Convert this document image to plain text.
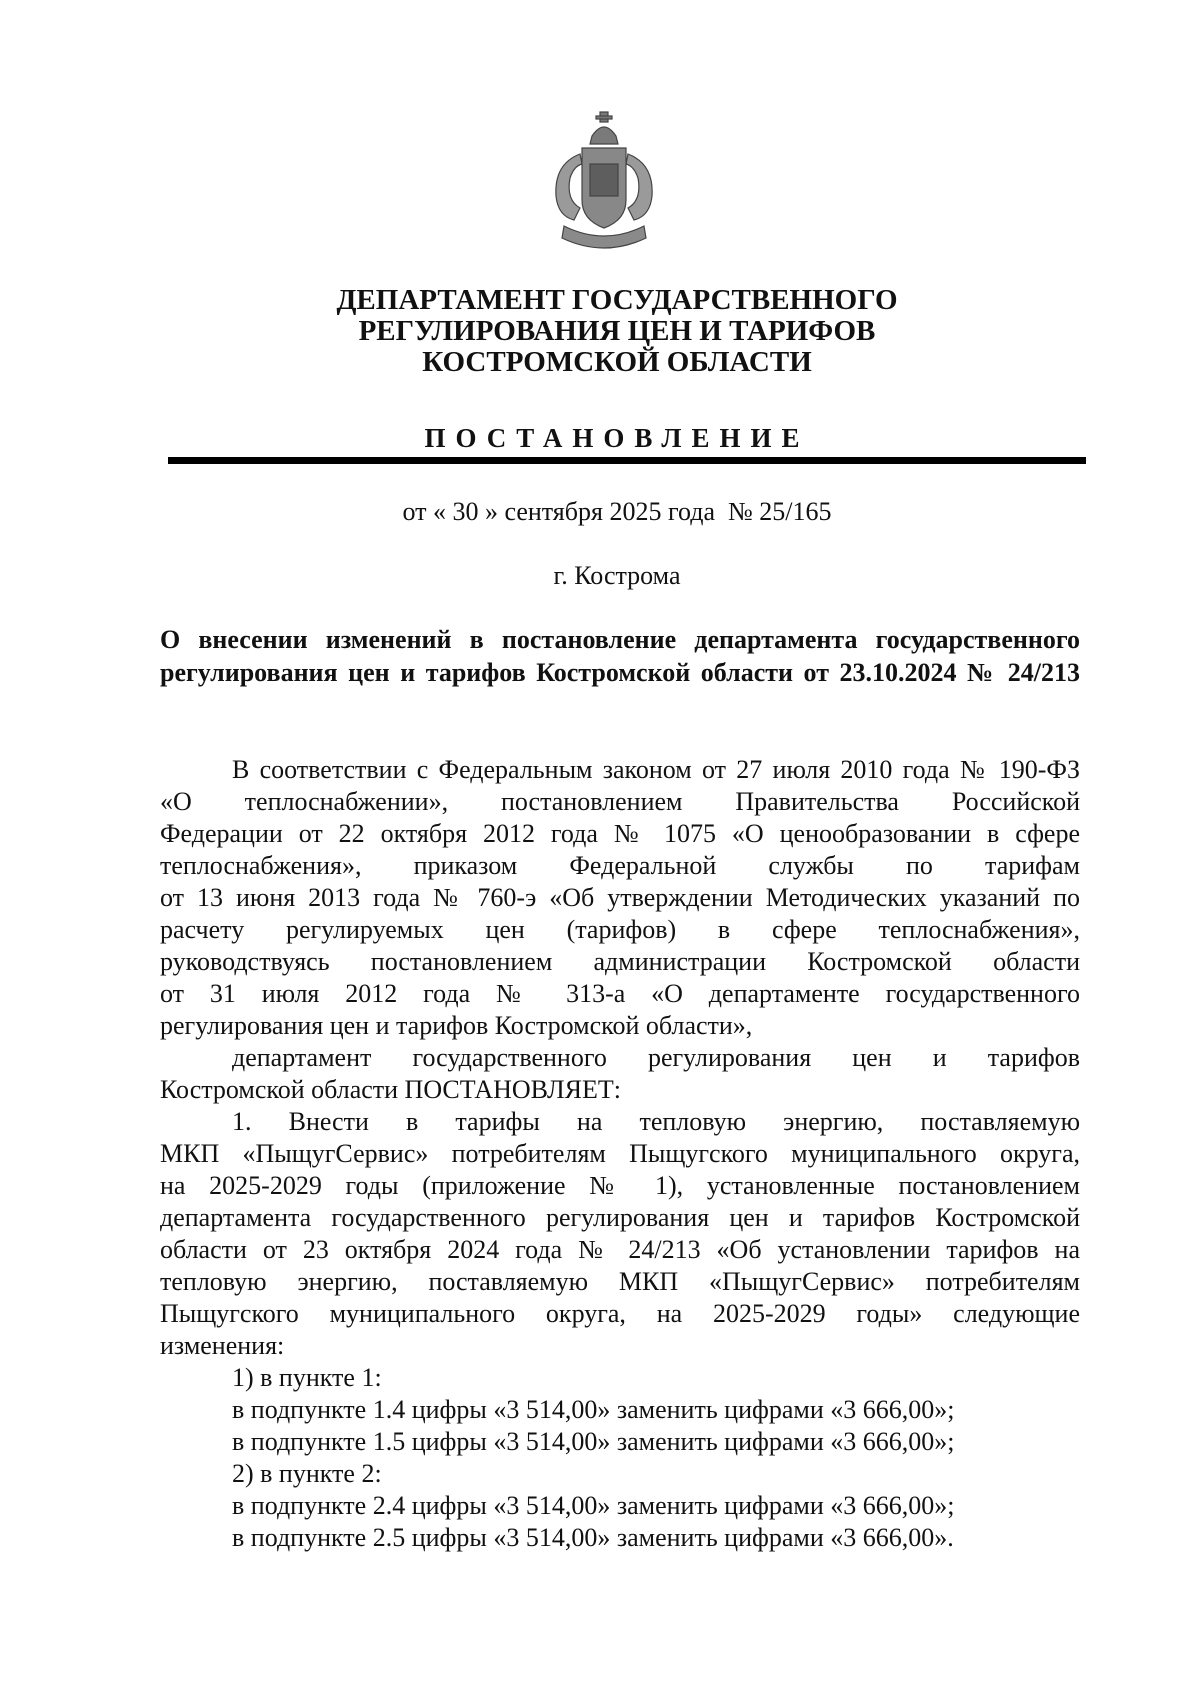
ДЕПАРТАМЕНТ ГОСУДАРСТВЕННОГО
РЕГУЛИРОВАНИЯ ЦЕН И ТАРИФОВ
КОСТРОМСКОЙ ОБЛАСТИ
ПОСТАНОВЛЕНИЕ
от « 30 » сентября 2025 года  № 25/165
г. Кострома
О внесении изменений в постановление департамента государственного
регулирования цен и тарифов Костромской области от 23.10.2024 № 24/213
В соответствии с Федеральным законом от 27 июля 2010 года № 190-ФЗ
«О теплоснабжении», постановлением Правительства Российской
Федерации от 22 октября 2012 года № 1075 «О ценообразовании в сфере
теплоснабжения», приказом Федеральной службы по тарифам
от 13 июня 2013 года № 760-э «Об утверждении Методических указаний по
расчету регулируемых цен (тарифов) в сфере теплоснабжения»,
руководствуясь постановлением администрации Костромской области
от 31 июля 2012 года № 313-а «О департаменте государственного
регулирования цен и тарифов Костромской области»,
департамент государственного регулирования цен и тарифов
Костромской области ПОСТАНОВЛЯЕТ:
1. Внести в тарифы на тепловую энергию, поставляемую
МКП «ПыщугСервис» потребителям Пыщугского муниципального округа,
на 2025-2029 годы (приложение № 1), установленные постановлением
департамента государственного регулирования цен и тарифов Костромской
области от 23 октября 2024 года № 24/213 «Об установлении тарифов на
тепловую энергию, поставляемую МКП «ПыщугСервис» потребителям
Пыщугского муниципального округа, на 2025-2029 годы» следующие
изменения:
1) в пункте 1:
в подпункте 1.4 цифры «3 514,00» заменить цифрами «3 666,00»;
в подпункте 1.5 цифры «3 514,00» заменить цифрами «3 666,00»;
2) в пункте 2:
в подпункте 2.4 цифры «3 514,00» заменить цифрами «3 666,00»;
в подпункте 2.5 цифры «3 514,00» заменить цифрами «3 666,00».
